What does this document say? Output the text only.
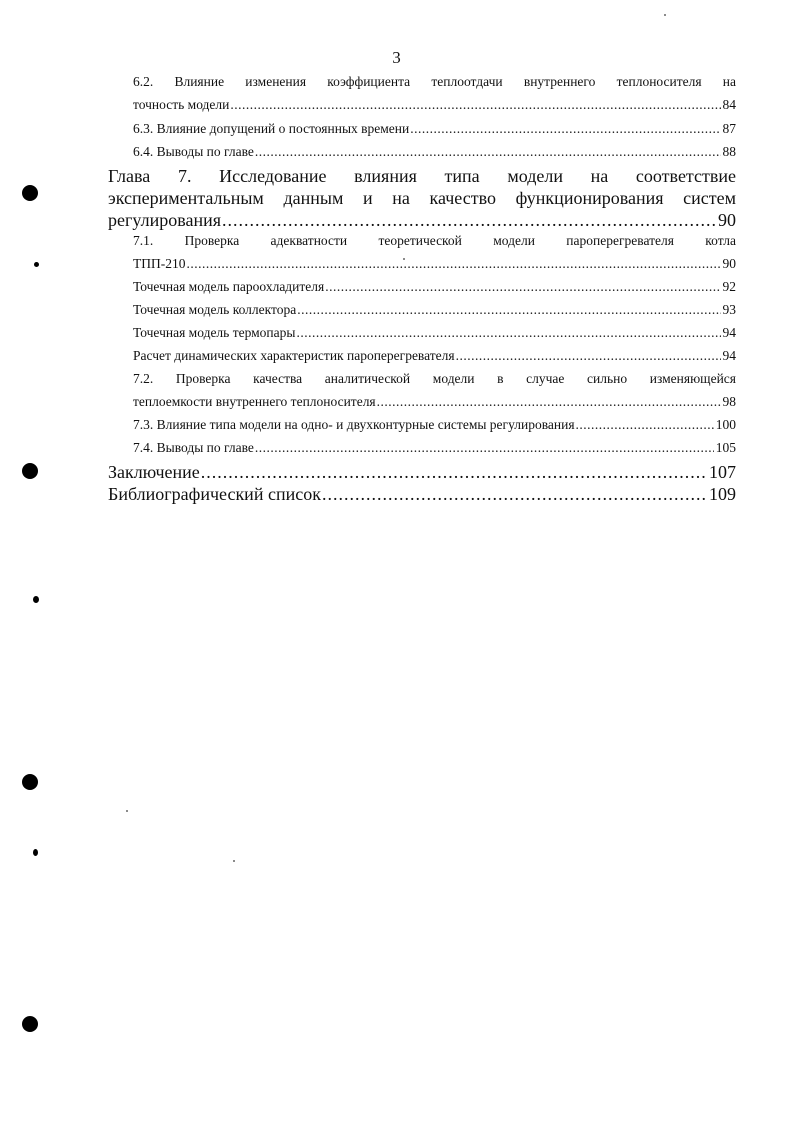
3
6.2. Влияние изменения коэффициента теплоотдачи внутреннего теплоносителя на
точность модели .....	84
6.3. Влияние допущений о постоянных времени .....	87
6.4. Выводы по главе .....	88
Глава 7. Исследование влияния типа модели на соответствие
экспериментальным данным и на качество функционирования систем
регулирования .....	90
7.1. Проверка адекватности теоретической модели пароперегревателя котла
ТПП-210 .....	90
Точечная модель пароохладителя .....	92
Точечная модель коллектора .....	93
Точечная модель термопары .....	94
Расчет динамических характеристик пароперегревателя .....	94
7.2. Проверка качества аналитической модели в случае сильно изменяющейся
теплоемкости внутреннего теплоносителя .....	98
7.3. Влияние типа модели на одно- и двухконтурные системы регулирования .....	100
7.4. Выводы по главе .....	105
Заключение .....	107
Библиографический список .....	109
